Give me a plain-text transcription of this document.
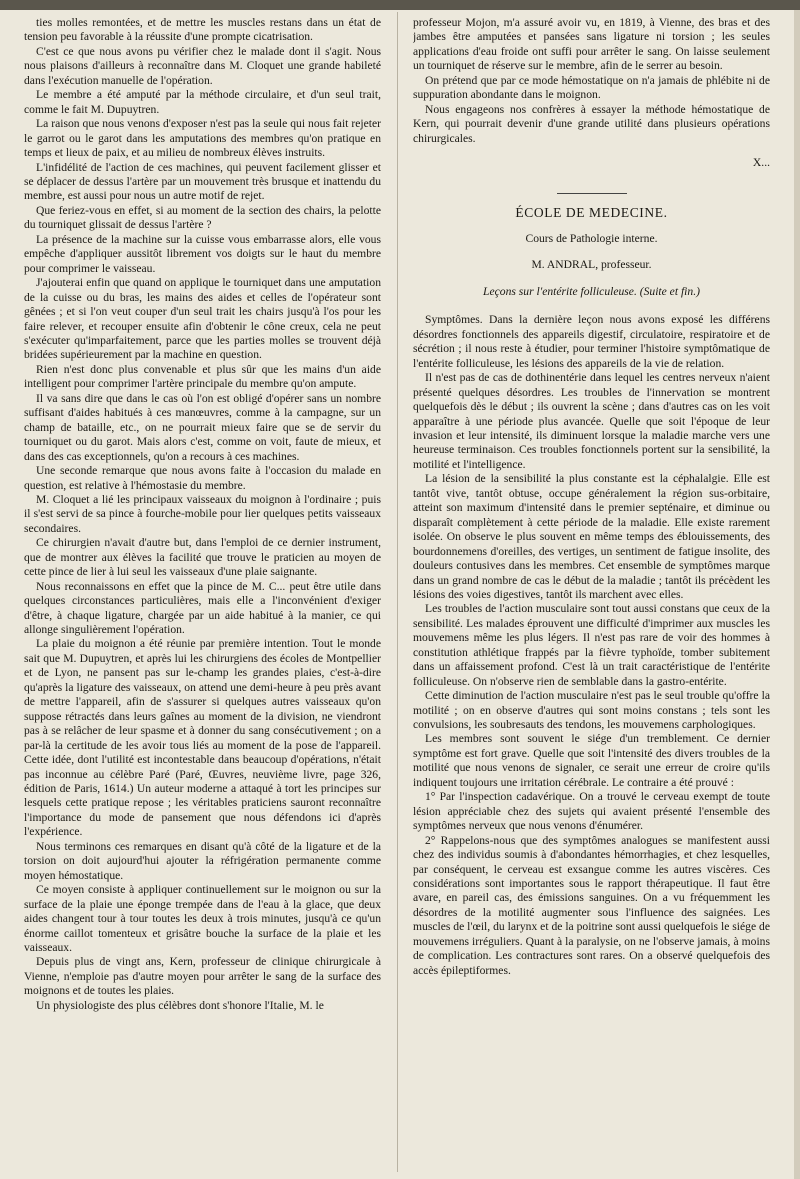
ties molles remontées, et de mettre les muscles restans dans un état de tension peu favorable à la réussite d'une prompte cicatrisation.

C'est ce que nous avons pu vérifier chez le malade dont il s'agit. Nous nous plaisons d'ailleurs à reconnaître dans M. Cloquet une grande habileté dans l'exécution manuelle de l'opération.

Le membre a été amputé par la méthode circulaire, et d'un seul trait, comme le fait M. Dupuytren.

La raison que nous venons d'exposer n'est pas la seule qui nous fait rejeter le garrot ou le garot dans les amputations des membres qu'on pratique en temps et lieux de paix, et au milieu de nombreux élèves instruits.

L'infidélité de l'action de ces machines, qui peuvent facilement glisser et se déplacer de dessus l'artère par un mouvement très brusque et inattendu du membre, est aussi pour nous un autre motif de rejet.

Que feriez-vous en effet, si au moment de la section des chairs, la pelotte du tourniquet glissait de dessus l'artère ?

La présence de la machine sur la cuisse vous embarrasse alors, elle vous empêche d'appliquer aussitôt librement vos doigts sur le haut du membre pour comprimer le vaisseau.

J'ajouterai enfin que quand on applique le tourniquet dans une amputation de la cuisse ou du bras, les mains des aides et celles de l'opérateur sont gênées ; et si l'on veut couper d'un seul trait les chairs jusqu'à l'os pour les faire relever, et recouper ensuite afin d'obtenir le cône creux, cela ne peut s'exécuter qu'imparfaitement, parce que les parties molles se trouvent déjà bridées supérieurement par la machine en question.

Rien n'est donc plus convenable et plus sûr que les mains d'un aide intelligent pour comprimer l'artère principale du membre qu'on ampute.

Il va sans dire que dans le cas où l'on est obligé d'opérer sans un nombre suffisant d'aides habitués à ces manœuvres, comme à la campagne, sur un champ de bataille, etc., on ne pourrait mieux faire que se de servir du tourniquet ou du garot. Mais alors c'est, comme on voit, faute de mieux, et dans des cas exceptionnels, qu'on a recours à ces machines.

Une seconde remarque que nous avons faite à l'occasion du malade en question, est relative à l'hémostasie du membre.

M. Cloquet a lié les principaux vaisseaux du moignon à l'ordinaire ; puis il s'est servi de sa pince à fourche-mobile pour lier quelques petits vaisseaux secondaires.

Ce chirurgien n'avait d'autre but, dans l'emploi de ce dernier instrument, que de montrer aux élèves la facilité que trouve le praticien au moyen de cette pince de lier à lui seul les vaisseaux d'une plaie saignante.

Nous reconnaissons en effet que la pince de M. C... peut être utile dans quelques circonstances particulières, mais elle a l'inconvénient d'exiger d'être, à chaque ligature, chargée par un aide habitué à la manier, ce qui allonge singulièrement l'opération.

La plaie du moignon a été réunie par première intention. Tout le monde sait que M. Dupuytren, et après lui les chirurgiens des écoles de Montpellier et de Lyon, ne pansent pas sur le-champ les grandes plaies, c'est-à-dire qu'après la ligature des vaisseaux, on attend une demi-heure à peu près avant de mettre l'appareil, afin de s'assurer si quelques autres vaisseaux qu'on suppose rétractés dans leurs gaînes au moment de la division, ne viendront pas à se relâcher de leur spasme et à donner du sang consécutivement ; on a par-là la certitude de les avoir tous liés au moment de la pose de l'appareil. Cette idée, dont l'utilité est incontestable dans beaucoup d'opérations, n'était pas inconnue au célèbre Paré (Paré, Œuvres, neuvième livre, page 326, édition de Paris, 1614.) Un auteur moderne a attaqué à tort les principes sur lesquels cette pratique repose ; les véritables praticiens sauront reconnaître l'importance du mode de pansement que nous défendons ici d'après l'expérience.

Nous terminons ces remarques en disant qu'à côté de la ligature et de la torsion on doit aujourd'hui ajouter la réfrigération permanente comme moyen hémostatique.

Ce moyen consiste à appliquer continuellement sur le moignon ou sur la surface de la plaie une éponge trempée dans de l'eau à la glace, que deux aides changent tour à tour toutes les deux à trois minutes, jusqu'à ce qu'un énorme caillot tomenteux et grisâtre bouche la surface de la plaie et les vaisseaux.

Depuis plus de vingt ans, Kern, professeur de clinique chirurgicale à Vienne, n'emploie pas d'autre moyen pour arrêter le sang de la surface des moignons et de toutes les plaies.

Un physiologiste des plus célèbres dont s'honore l'Italie, M. le

professeur Mojon, m'a assuré avoir vu, en 1819, à Vienne, des bras et des jambes être amputées et pansées sans ligature ni torsion ; les seules applications d'eau froide ont suffi pour arrêter le sang. On laisse seulement un tourniquet de réserve sur le membre, afin de le serrer au besoin.

On prétend que par ce mode hémostatique on n'a jamais de phlébite ni de suppuration abondante dans le moignon.

Nous engageons nos confrères à essayer la méthode hémostatique de Kern, qui pourrait devenir d'une grande utilité dans plusieurs opérations chirurgicales.

X...
ÉCOLE DE MEDECINE.
Cours de Pathologie interne.
M. ANDRAL, professeur.
Leçons sur l'entérite folliculeuse. (Suite et fin.)

Symptômes. Dans la dernière leçon nous avons exposé les différens désordres fonctionnels des appareils digestif, circulatoire, respiratoire et de sécrétion ; il nous reste à étudier, pour terminer l'histoire symptômatique de l'entérite folliculeuse, les lésions des appareils de la vie de relation.

Il n'est pas de cas de dothinentérie dans lequel les centres nerveux n'aient présenté quelques désordres. Les troubles de l'innervation se montrent quelquefois dès le début ; ils ouvrent la scène ; dans d'autres cas on les voit apparaître à une période plus avancée. Quelle que soit l'époque de leur invasion et leur intensité, ils diminuent lorsque la maladie marche vers une heureuse terminaison. Ces troubles fonctionnels portent sur la sensibilité, la motilité et l'intelligence.

La lésion de la sensibilité la plus constante est la céphalalgie. Elle est tantôt vive, tantôt obtuse, occupe généralement la région sus-orbitaire, atteint son maximum d'intensité dans le premier septénaire, et diminue ou disparaît complètement à cette période de la maladie. Elle existe rarement isolée. On observe le plus souvent en même temps des éblouissements, des bourdonnemens d'oreilles, des vertiges, un sentiment de fatigue insolite, des douleurs contusives dans les membres. Cet ensemble de symptômes marque dans un grand nombre de cas le début de la maladie ; tantôt ils précèdent les lésions des voies digestives, tantôt ils marchent avec elles.

Les troubles de l'action musculaire sont tout aussi constans que ceux de la sensibilité. Les malades éprouvent une difficulté d'imprimer aux muscles les mouvemens même les plus légers. Il n'est pas rare de voir des hommes à constitution athlétique frappés par la fièvre typhoïde, tomber subitement dans un affaissement profond. C'est là un trait caractéristique de l'entérite folliculeuse. On n'observe rien de semblable dans la gastro-entérite.

Cette diminution de l'action musculaire n'est pas le seul trouble qu'offre la motilité ; on en observe d'autres qui sont moins constans ; tels sont les convulsions, les soubresauts des tendons, les mouvemens carphologiques.

Les membres sont souvent le siége d'un tremblement. Ce dernier symptôme est fort grave. Quelle que soit l'intensité des divers troubles de la motilité que nous venons de signaler, ce serait une erreur de croire qu'ils indiquent toujours une irritation cérébrale. Le contraire a été prouvé :

1° Par l'inspection cadavérique. On a trouvé le cerveau exempt de toute lésion appréciable chez des sujets qui avaient présenté l'ensemble des symptômes nerveux que nous venons d'énumérer.

2° Rappelons-nous que des symptômes analogues se manifestent aussi chez des individus soumis à d'abondantes hémorrhagies, et chez lesquelles, par conséquent, le cerveau est exsangue comme les autres viscères. Ces considérations sont importantes sous le rapport thérapeutique. Il faut être avare, en pareil cas, des émissions sanguines. On a vu fréquemment les désordres de la motilité augmenter sous l'influence des saignées. Les muscles de l'œil, du larynx et de la poitrine sont aussi quelquefois le siége de mouvemens irréguliers. Quant à la paralysie, on ne l'observe jamais, à moins de complication. Les contractures sont rares. On a observé quelquefois des accès épileptiformes.
